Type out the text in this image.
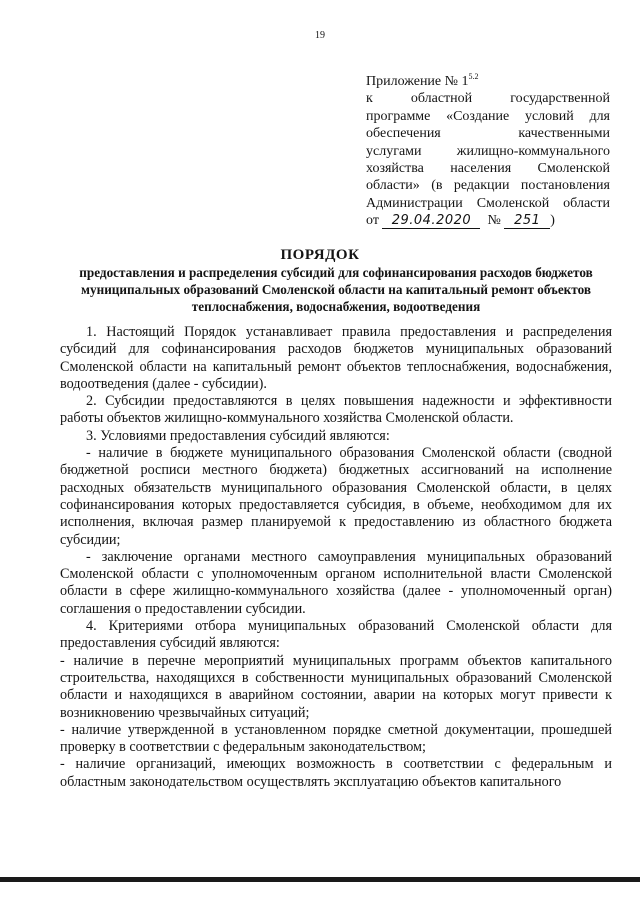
19
Приложение № $1^{5.2}$
к областной государственной
программе «Создание условий для
обеспечения качественными
услугами жилищно-коммунального
хозяйства населения Смоленской
области» (в редакции постановления
Администрации Смоленской области
от 29.04.2020 № 251 )
ПОРЯДОК
предоставления и распределения субсидий для софинансирования расходов бюджетов муниципальных образований Смоленской области на капитальный ремонт объектов теплоснабжения, водоснабжения, водоотведения

1. Настоящий Порядок устанавливает правила предоставления и распределения субсидий для софинансирования расходов бюджетов муниципальных образований Смоленской области на капитальный ремонт объектов теплоснабжения, водоснабжения, водоотведения (далее - субсидии).

2. Субсидии предоставляются в целях повышения надежности и эффективности работы объектов жилищно-коммунального хозяйства Смоленской области.

3. Условиями предоставления субсидий являются:

- наличие в бюджете муниципального образования Смоленской области (сводной бюджетной росписи местного бюджета) бюджетных ассигнований на исполнение расходных обязательств муниципального образования Смоленской области, в целях софинансирования которых предоставляется субсидия, в объеме, необходимом для их исполнения, включая размер планируемой к предоставлению из областного бюджета субсидии;

- заключение органами местного самоуправления муниципальных образований Смоленской области с уполномоченным органом исполнительной власти Смоленской области в сфере жилищно-коммунального хозяйства (далее - уполномоченный орган) соглашения о предоставлении субсидии.

4. Критериями отбора муниципальных образований Смоленской области для предоставления субсидий являются:

- наличие в перечне мероприятий муниципальных программ объектов капитального строительства, находящихся в собственности муниципальных образований Смоленской области и находящихся в аварийном состоянии, аварии на которых могут привести к возникновению чрезвычайных ситуаций;

- наличие утвержденной в установленном порядке сметной документации, прошедшей проверку в соответствии с федеральным законодательством;

- наличие организаций, имеющих возможность в соответствии с федеральным и областным законодательством осуществлять эксплуатацию объектов капитального
